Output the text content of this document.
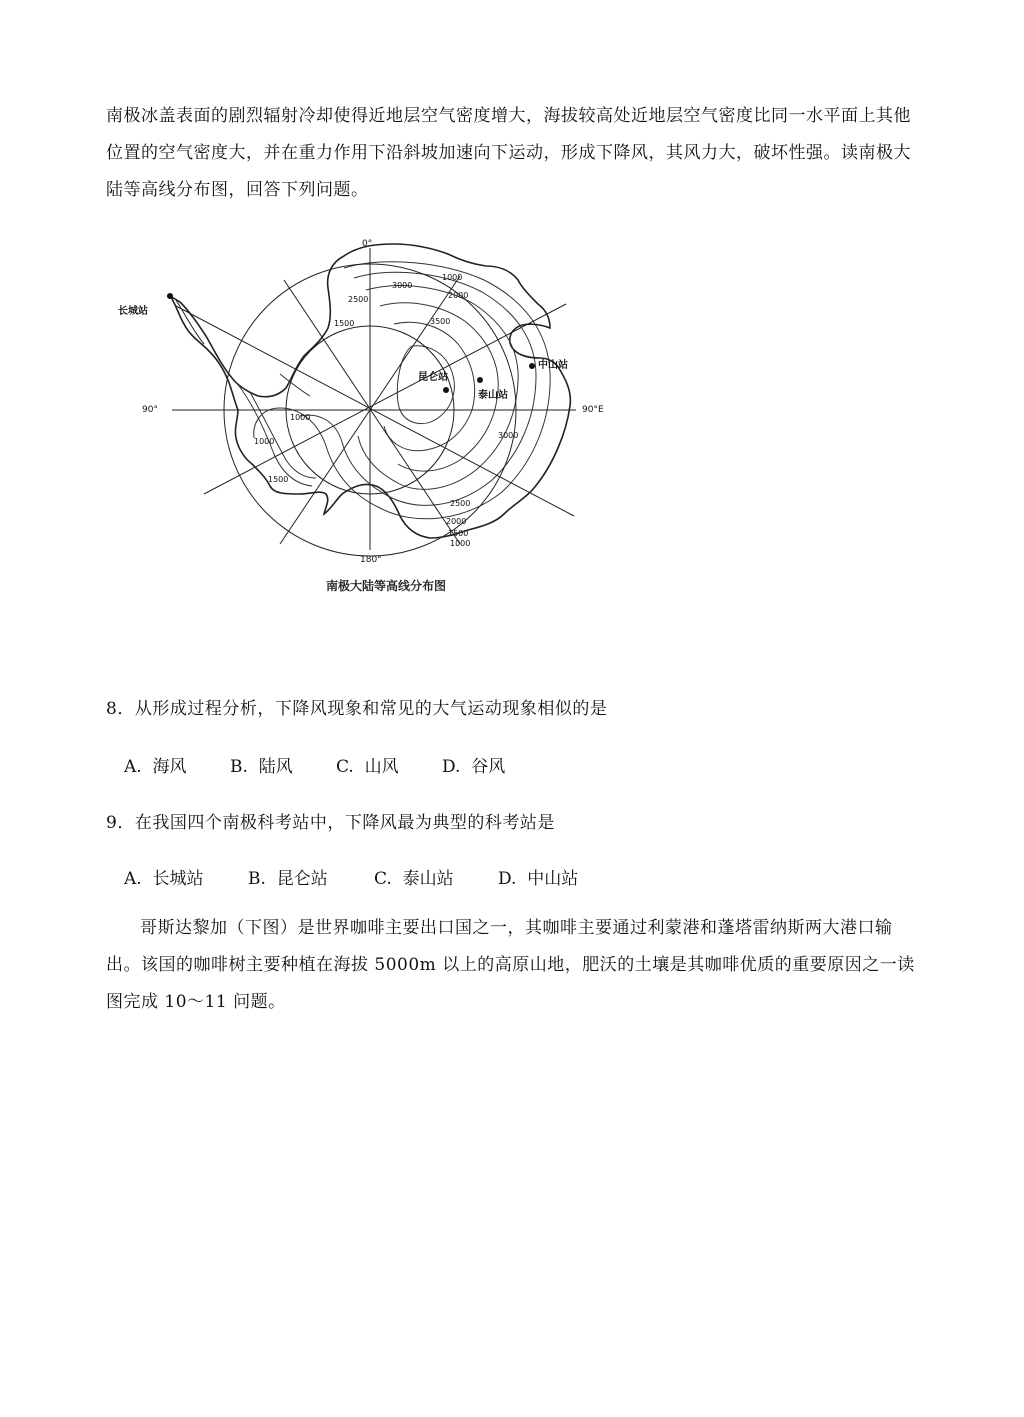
南极冰盖表面的剧烈辐射冷却使得近地层空气密度增大，海拔较高处近地层空气密度比同一水平面上其他位置的空气密度大，并在重力作用下沿斜坡加速向下运动，形成下降风，其风力大，破坏性强。读南极大陆等高线分布图，回答下列问题。

0°
90°	90°E
180°
长城站
昆仑站
泰山站
中山站
1000
3000
2000
3500
1500
2500
1000
1000
1500
3000
2500
2000
1500
1000
南极大陆等高线分布图

8．从形成过程分析，下降风现象和常见的大气运动现象相似的是

A.  海风	B.  陆风	C.  山风	D.  谷风

9．在我国四个南极科考站中，下降风最为典型的科考站是

A.  长城站	B.  昆仑站	C.  泰山站	D.  中山站

哥斯达黎加（下图）是世界咖啡主要出口国之一，其咖啡主要通过利蒙港和蓬塔雷纳斯两大港口输出。该国的咖啡树主要种植在海拔 5000m 以上的高原山地，肥沃的土壤是其咖啡优质的重要原因之一读图完成 10～11 问题。
